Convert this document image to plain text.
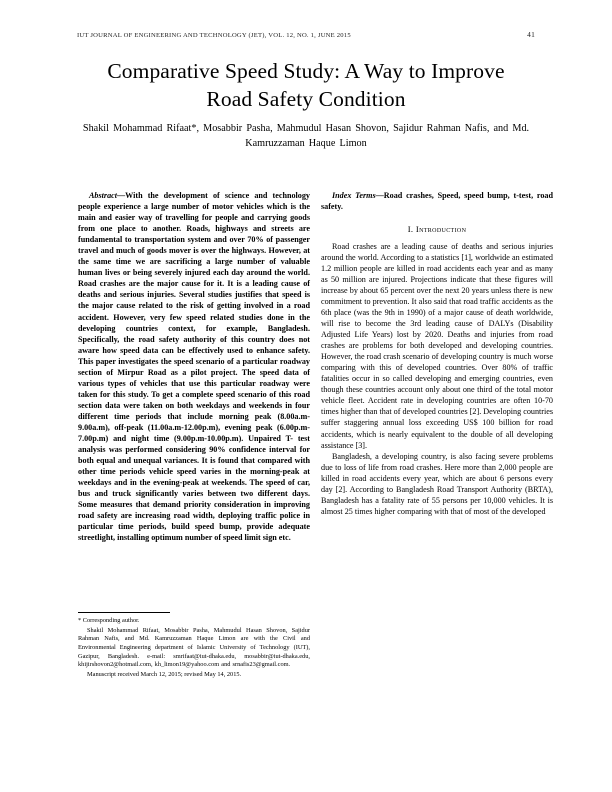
IUT JOURNAL OF ENGINEERING AND TECHNOLOGY (JET), VOL. 12, NO. 1, JUNE 2015	41
Comparative Speed Study: A Way to Improve Road Safety Condition
Shakil Mohammad Rifaat*, Mosabbir Pasha, Mahmudul Hasan Shovon, Sajidur Rahman Nafis, and Md. Kamruzzaman Haque Limon

Abstract—With the development of science and technology people experience a large number of motor vehicles which is the main and easier way of travelling for people and carrying goods from one place to another. Roads, highways and streets are fundamental to transportation system and over 70% of passenger travel and much of goods mover is over the highways. However, at the same time we are sacrificing a large number of valuable human lives or being severely injured each day around the world. Road crashes are the major cause for it. It is a leading cause of deaths and serious injuries. Several studies justifies that speed is the major cause related to the risk of getting involved in a road accident. However, very few speed related studies done in the developing countries context, for example, Bangladesh. Specifically, the road safety authority of this country does not aware how speed data can be effectively used to enhance safety. This paper investigates the speed scenario of a particular roadway section of Mirpur Road as a pilot project. The speed data of various types of vehicles that use this particular roadway were taken for this study. To get a complete speed scenario of this road section data were taken on both weekdays and weekends in four different time periods that include morning peak (8.00a.m-9.00a.m), off-peak (11.00a.m-12.00p.m), evening peak (6.00p.m-7.00p.m) and night time (9.00p.m-10.00p.m). Unpaired T- test analysis was performed considering 90% confidence interval for both equal and unequal variances. It is found that compared with other time periods vehicle speed varies in the morning-peak at weekdays and in the evening-peak at weekends. The speed of car, bus and truck significantly varies between two different days. Some measures that demand priority consideration in improving road safety are increasing road width, deploying traffic police in particular time periods, build speed bump, provide adequate streetlight, installing optimum number of speed limit sign etc.

Index Terms—Road crashes, Speed, speed bump, t-test, road safety.

I. Introduction

Road crashes are a leading cause of deaths and serious injuries around the world. According to a statistics [1], worldwide an estimated 1.2 million people are killed in road accidents each year and as many as 50 million are injured. Projections indicate that these figures will increase by about 65 percent over the next 20 years unless there is new commitment to prevention. It also said that road traffic accidents as the 6th place (was the 9th in 1990) of a major cause of death worldwide, will rise to become the 3rd leading cause of DALYs (Disability Adjusted Life Years) lost by 2020. Deaths and injuries from road crashes are problems for both developed and developing countries. However, the road crash scenario of developing country is much worse comparing with this of developed countries. Over 80% of traffic fatalities occur in so called developing and emerging countries, even though these countries account only about one third of the total motor vehicle fleet. Accident rate in developing countries are often 10-70 times higher than that of developed countries [2]. Developing countries suffer staggering annual loss exceeding US$ 100 billion for road accidents, which is nearly equivalent to the double of all developing assistance [3].

Bangladesh, a developing country, is also facing severe problems due to loss of life from road crashes. Here more than 2,000 people are killed in road accidents every year, which are about 6 persons every day [2]. According to Bangladesh Road Transport Authority (BRTA), Bangladesh has a fatality rate of 55 persons per 10,000 vehicles. It is almost 25 times higher comparing with that of most of the developed

* Corresponding author.

Shakil Mohammad Rifaat, Mosabbir Pasha, Mahmudul Hasan Shovon, Sajidur Rahman Nafis, and Md. Kamruzzaman Haque Limon are with the Civil and Environmental Engineering department of Islamic University of Technology (IUT), Gazipur, Bangladesh. e-mail: smrifaat@iut-dhaka.edu, mosabbir@iut-dhaka.edu, khijirshovon2@hotmail.com, kh_limon19@yahoo.com and srnafis23@gmail.com.

Manuscript received March 12, 2015; revised May 14, 2015.
